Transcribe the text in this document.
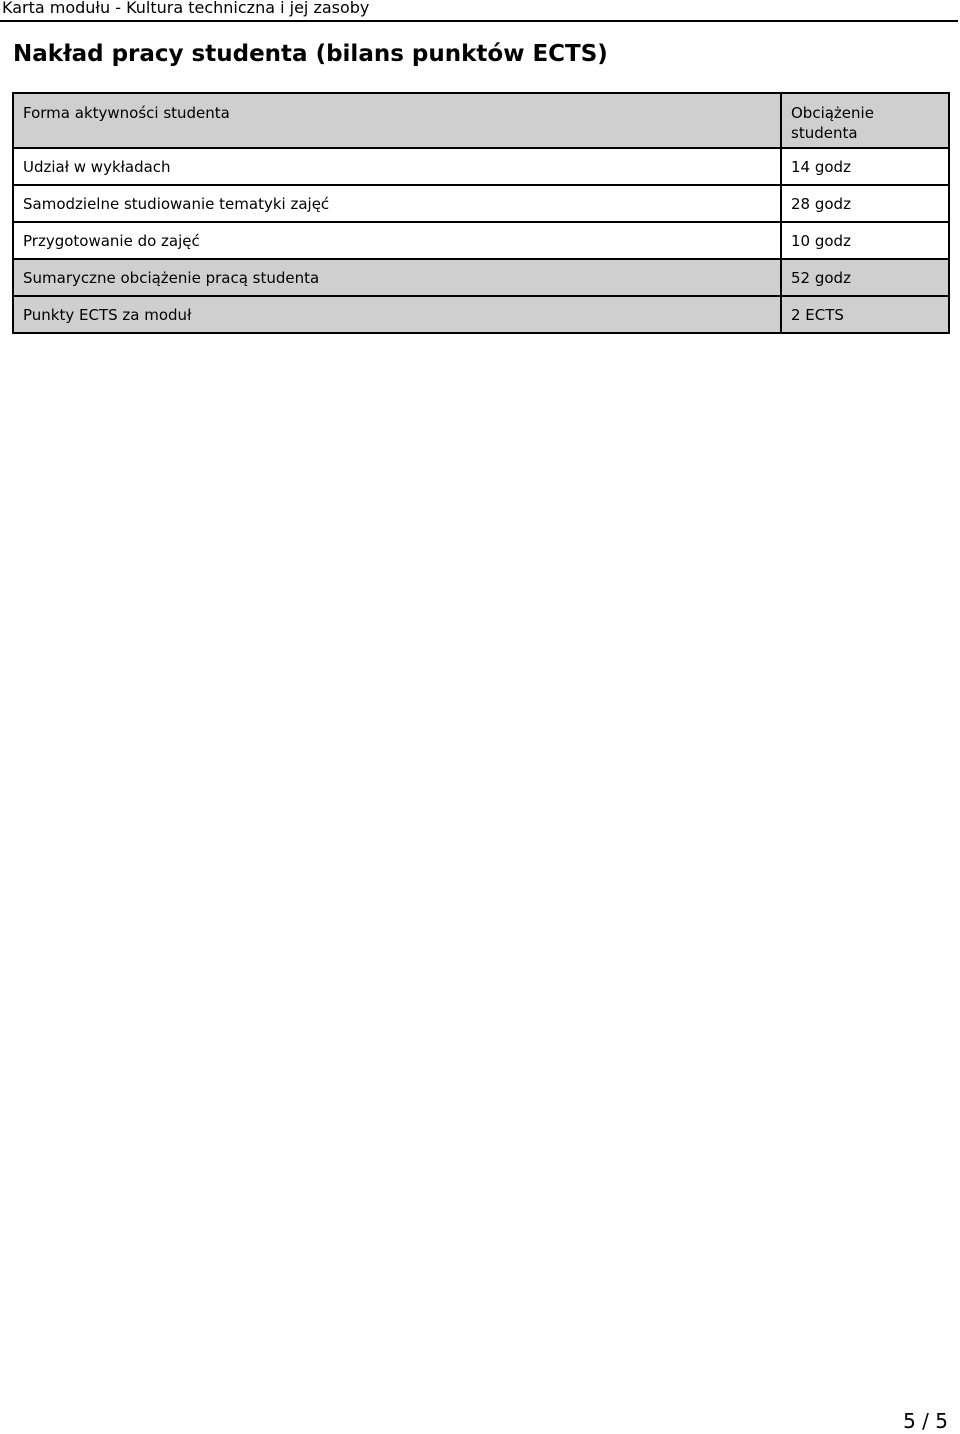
Karta modułu - Kultura techniczna i jej zasoby
Nakład pracy studenta (bilans punktów ECTS)
Forma aktywności studenta	Obciążenie studenta
Udział w wykładach	14 godz
Samodzielne studiowanie tematyki zajęć	28 godz
Przygotowanie do zajęć	10 godz
Sumaryczne obciążenie pracą studenta	52 godz
Punkty ECTS za moduł	2 ECTS
5 / 5
